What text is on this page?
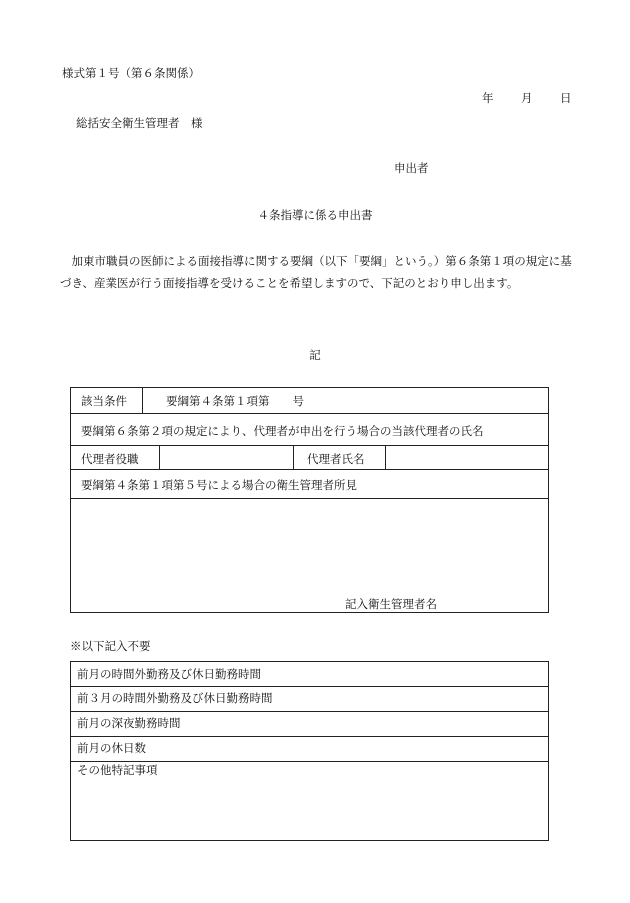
様式第１号（第６条関係）
年 月 日
総括安全衛生管理者　様
申出者
４条指導に係る申出書
加東市職員の医師による面接指導に関する要綱（以下「要綱」という。）第６条第１項の規定に基づき、産業医が行う面接指導を受けることを希望しますので、下記のとおり申し出ます。
記
該当条件	要綱第４条第１項第　　号
要綱第６条第２項の規定により、代理者が申出を行う場合の当該代理者の氏名
代理者役職	代理者氏名
要綱第４条第１項第５号による場合の衛生管理者所見
記入衛生管理者名
※以下記入不要
前月の時間外勤務及び休日勤務時間
前３月の時間外勤務及び休日勤務時間
前月の深夜勤務時間
前月の休日数
その他特記事項
